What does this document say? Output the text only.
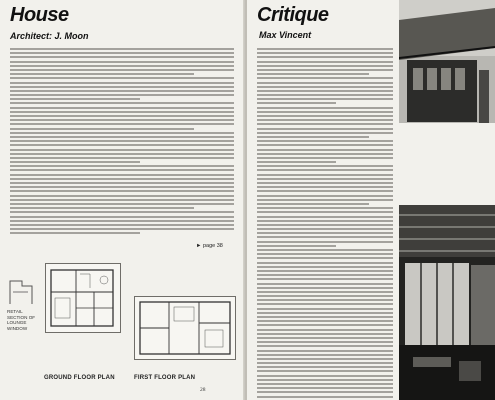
House
Architect: J. Moon
► page 38
RETAIL SECTION OF LOUNGE WINDOW
GROUND FLOOR PLAN	FIRST FLOOR PLAN
28
Critique
Max Vincent
